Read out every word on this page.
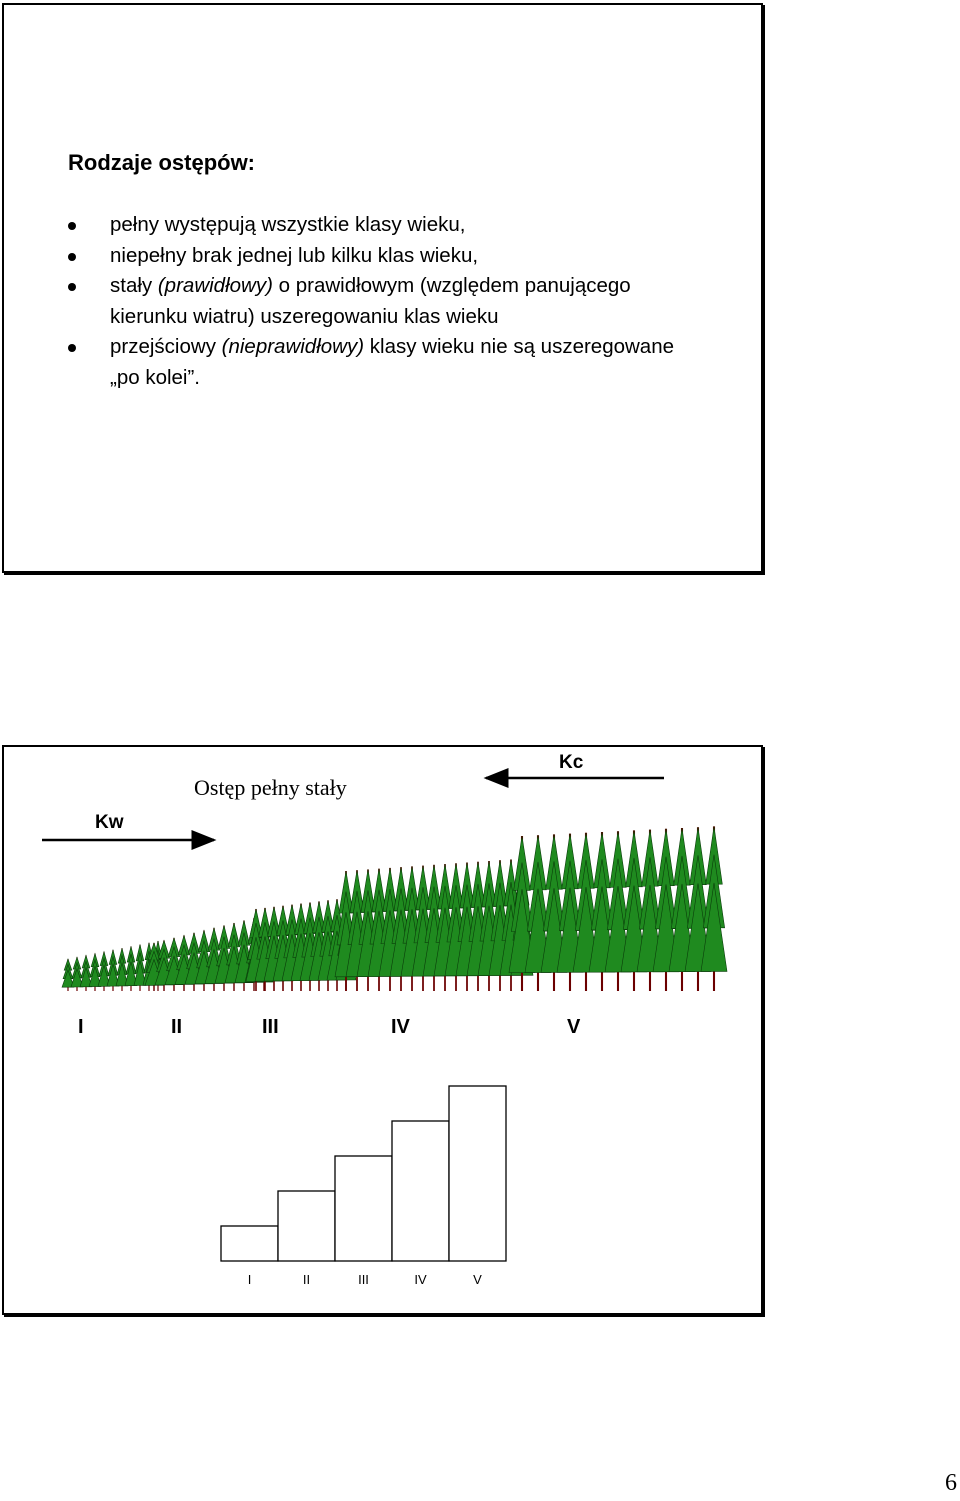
Rodzaje ostępów:
pełny występują wszystkie klasy wieku,
niepełny brak jednej lub kilku klas wieku,
stały (prawidłowy) o prawidłowym (względem panującego kierunku wiatru) uszeregowaniu klas wieku
przejściowy (nieprawidłowy) klasy wieku nie są uszeregowane „po kolei”.
Ostęp pełny stały
Kw
Kc
I	II	III	IV	V
I	II	III	IV	V
6
